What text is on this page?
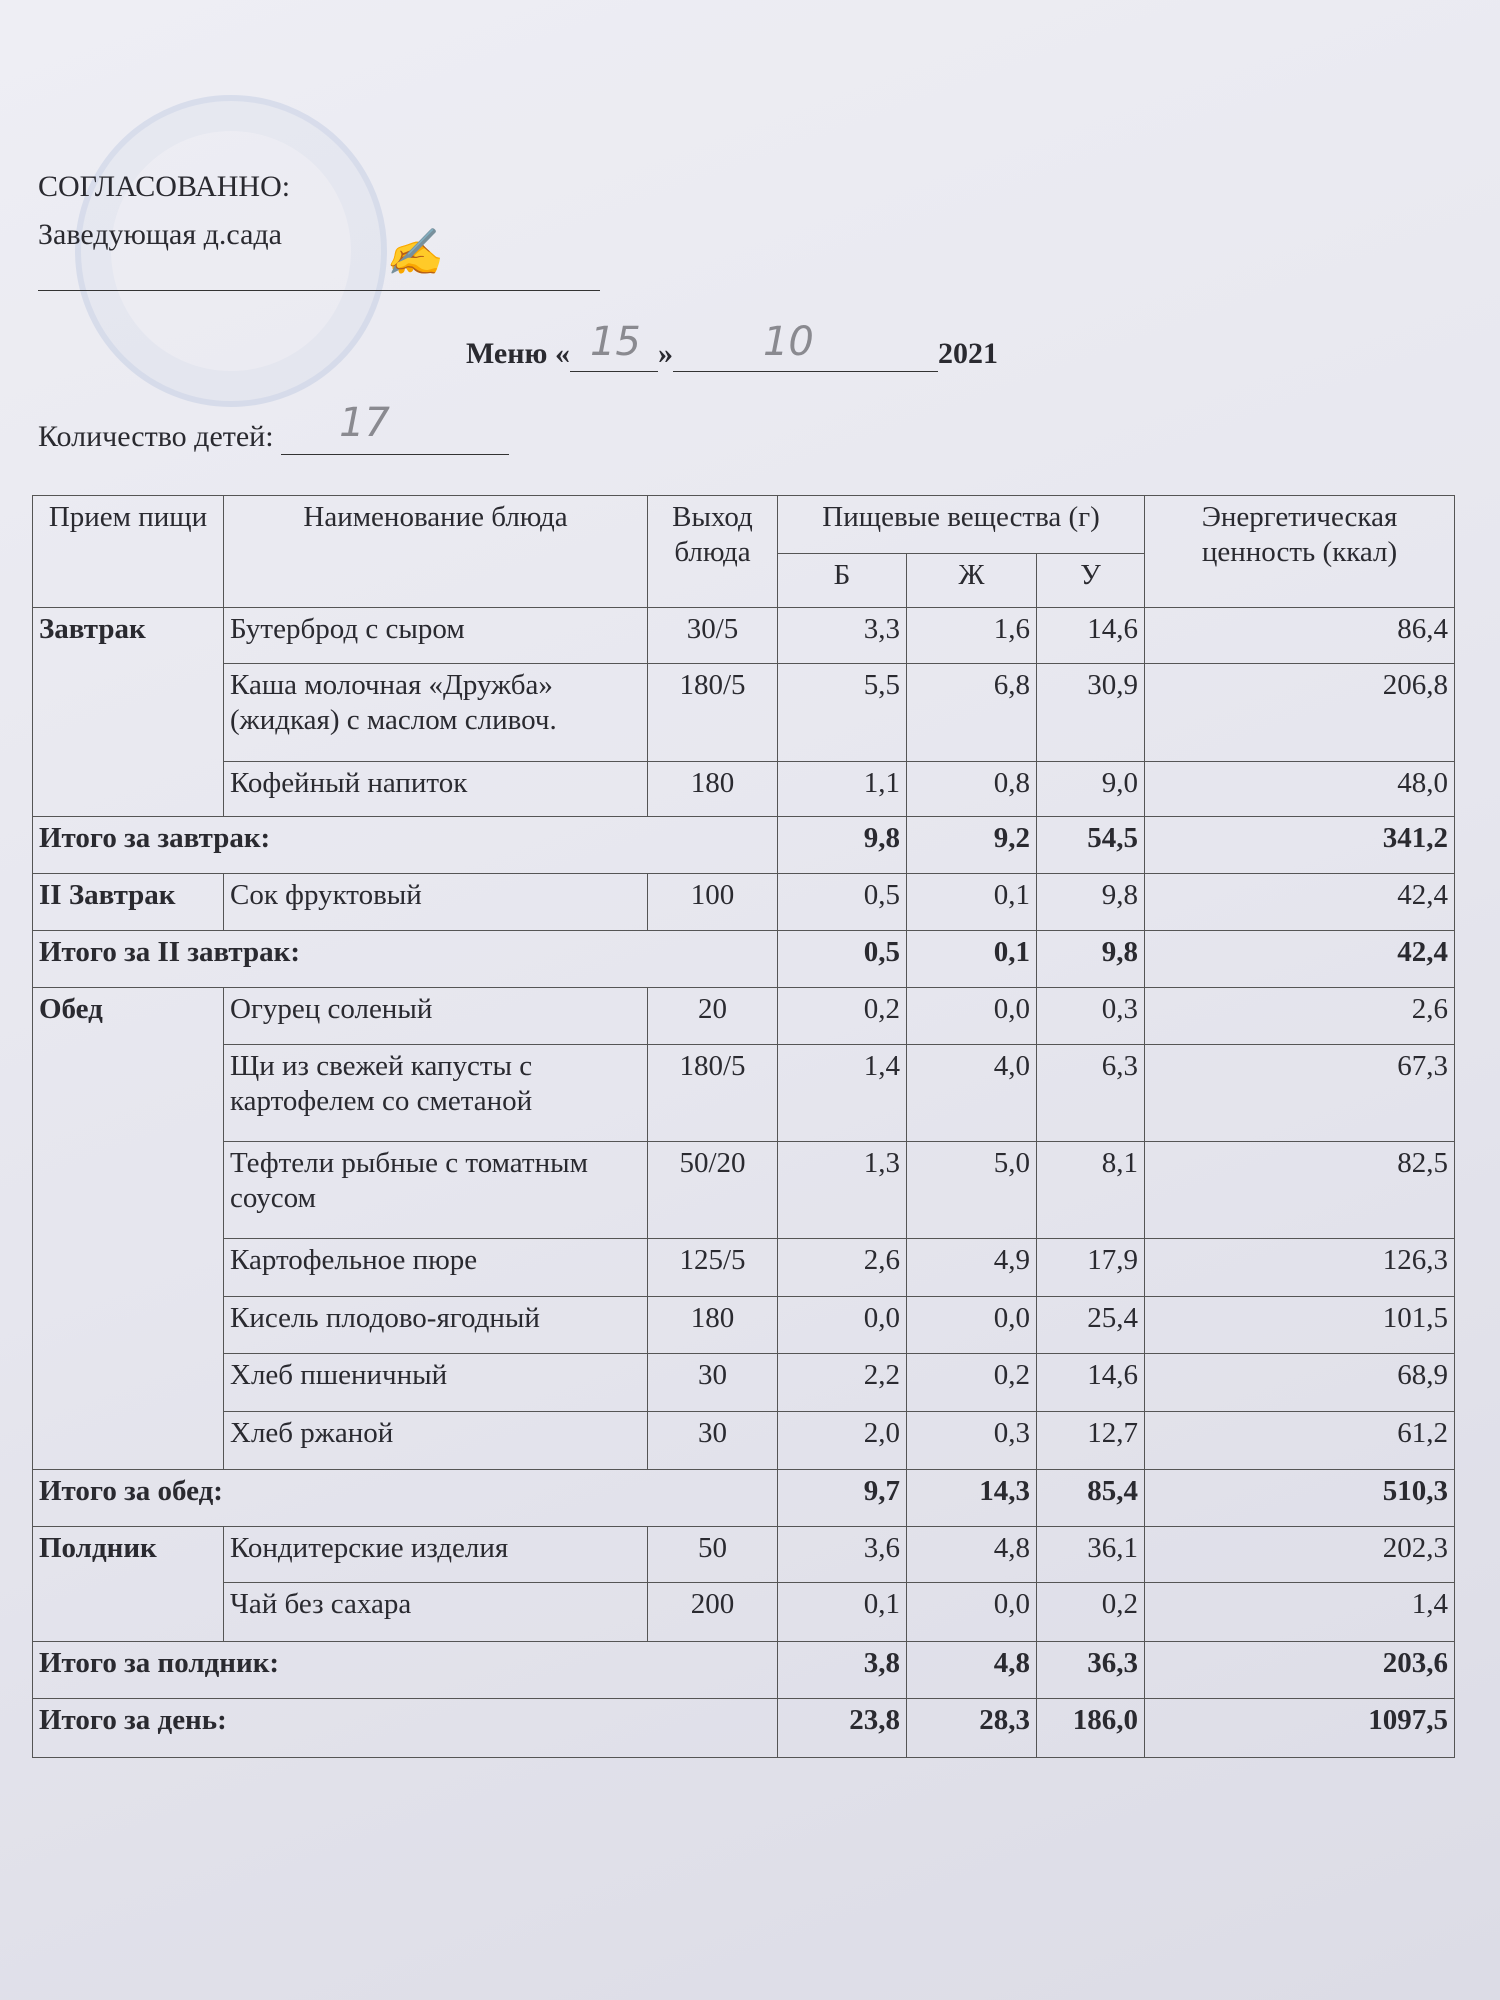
СОГЛАСОВАННО:
Заведующая д.сада ✍
Меню « 15 » 10	2021
Количество детей: 17

Прием пищи	Наименование блюда	Выход блюда	Пищевые вещества (г)			Энергетическая ценность (ккал)
			Б	Ж	У	
Завтрак	Бутерброд с сыром	30/5	3,3	1,6	14,6	86,4
	Каша молочная «Дружба» (жидкая) с маслом сливоч.	180/5	5,5	6,8	30,9	206,8
	Кофейный напиток	180	1,1	0,8	9,0	48,0
Итого за завтрак:			9,8	9,2	54,5	341,2
II Завтрак	Сок фруктовый	100	0,5	0,1	9,8	42,4
Итого за II завтрак:			0,5	0,1	9,8	42,4
Обед	Огурец соленый	20	0,2	0,0	0,3	2,6
	Щи из свежей капусты с картофелем со сметаной	180/5	1,4	4,0	6,3	67,3
	Тефтели рыбные с томатным соусом	50/20	1,3	5,0	8,1	82,5
	Картофельное пюре	125/5	2,6	4,9	17,9	126,3
	Кисель плодово-ягодный	180	0,0	0,0	25,4	101,5
	Хлеб пшеничный	30	2,2	0,2	14,6	68,9
	Хлеб ржаной	30	2,0	0,3	12,7	61,2
Итого за обед:			9,7	14,3	85,4	510,3
Полдник	Кондитерские изделия	50	3,6	4,8	36,1	202,3
	Чай без сахара	200	0,1	0,0	0,2	1,4
Итого за полдник:			3,8	4,8	36,3	203,6
Итого за день:			23,8	28,3	186,0	1097,5
